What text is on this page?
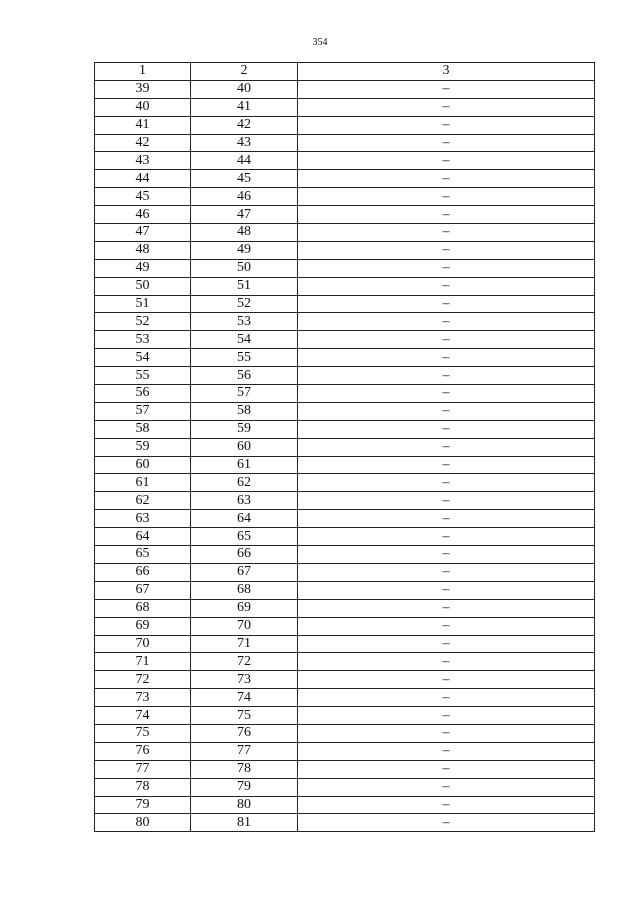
354
1	2	3
39	40	–
40	41	–
41	42	–
42	43	–
43	44	–
44	45	–
45	46	–
46	47	–
47	48	–
48	49	–
49	50	–
50	51	–
51	52	–
52	53	–
53	54	–
54	55	–
55	56	–
56	57	–
57	58	–
58	59	–
59	60	–
60	61	–
61	62	–
62	63	–
63	64	–
64	65	–
65	66	–
66	67	–
67	68	–
68	69	–
69	70	–
70	71	–
71	72	–
72	73	–
73	74	–
74	75	–
75	76	–
76	77	–
77	78	–
78	79	–
79	80	–
80	81	–
